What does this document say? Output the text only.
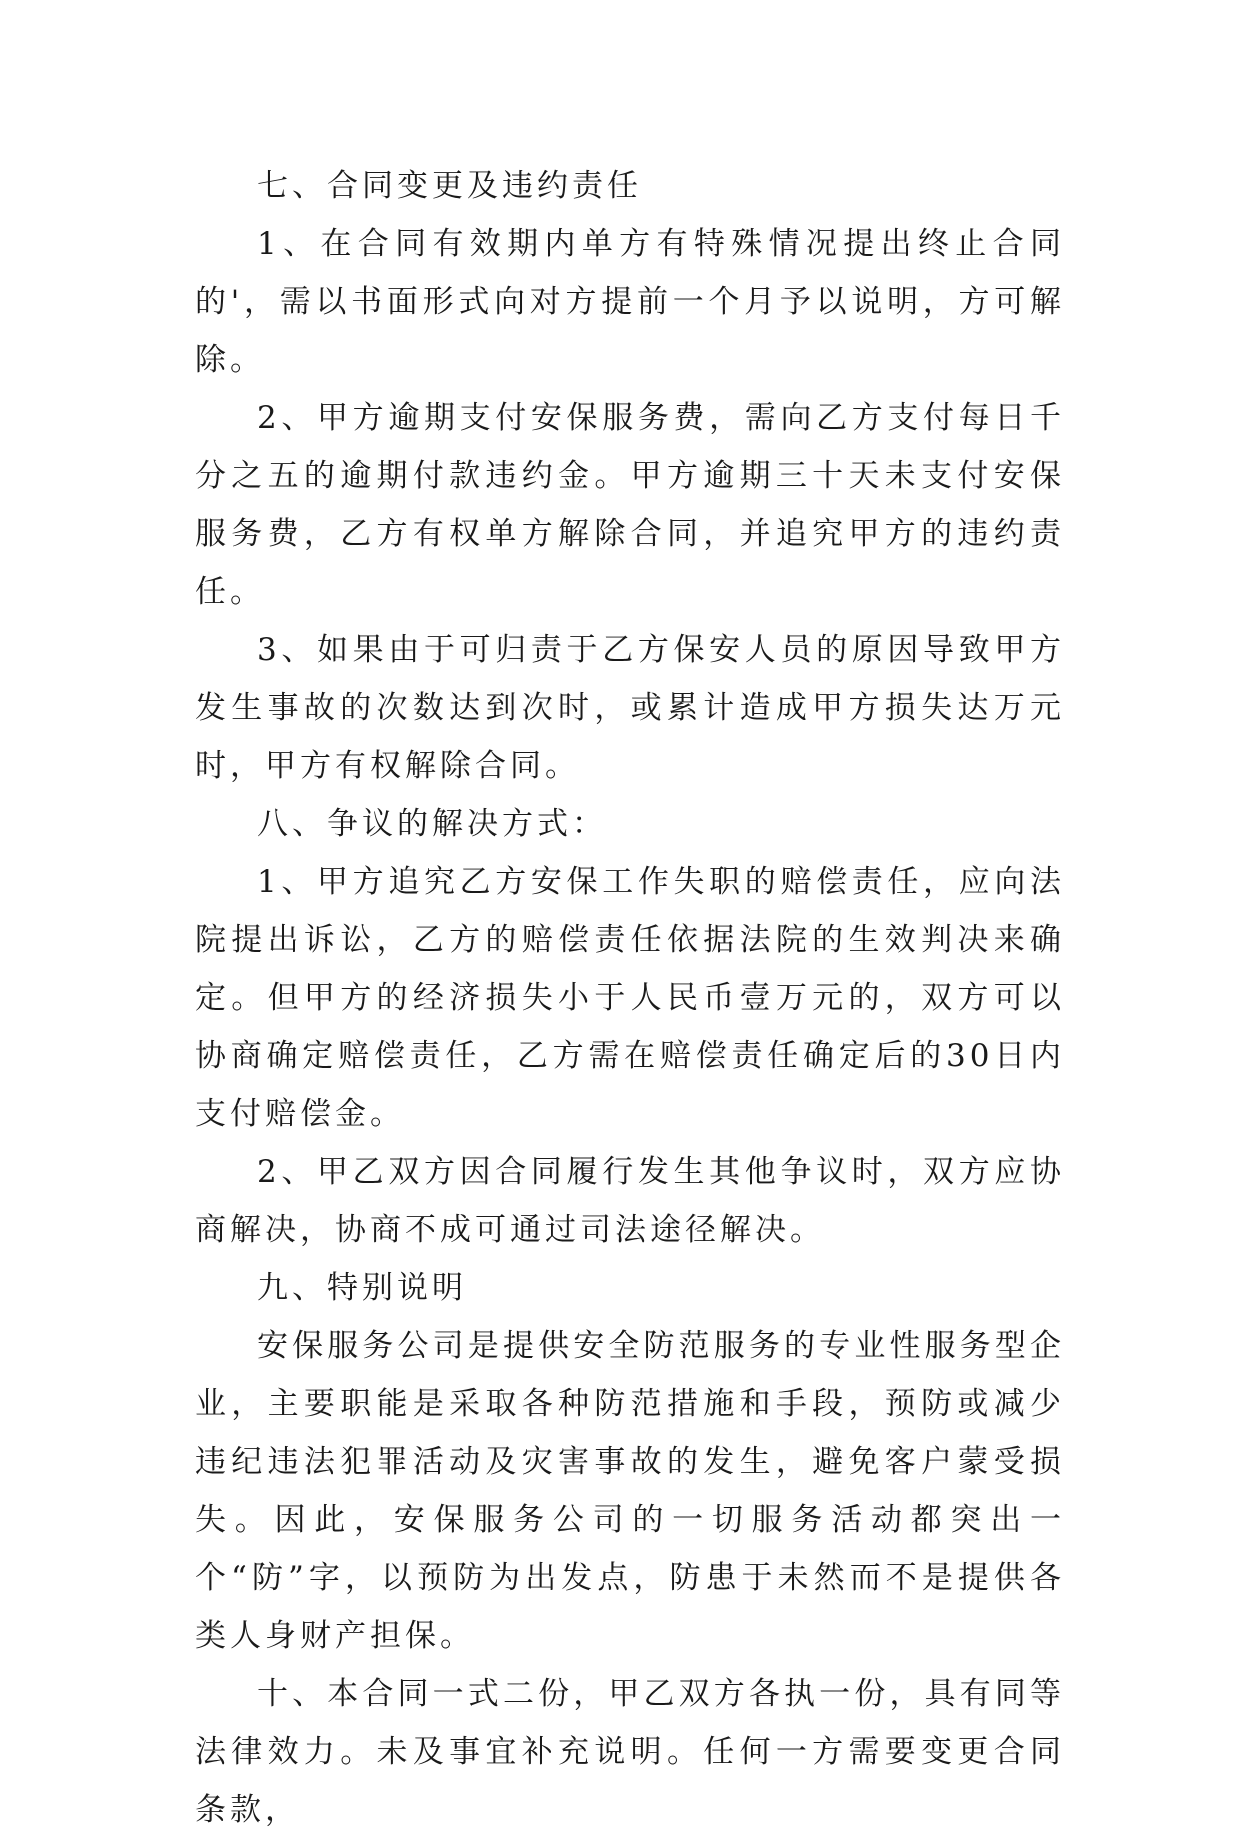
七、合同变更及违约责任

1、在合同有效期内单方有特殊情况提出终止合同的'，需以书面形式向对方提前一个月予以说明，方可解除。

2、甲方逾期支付安保服务费，需向乙方支付每日千分之五的逾期付款违约金。甲方逾期三十天未支付安保服务费，乙方有权单方解除合同，并追究甲方的违约责任。

3、如果由于可归责于乙方保安人员的原因导致甲方发生事故的次数达到次时，或累计造成甲方损失达万元时，甲方有权解除合同。

八、争议的解决方式：

1、甲方追究乙方安保工作失职的赔偿责任，应向法院提出诉讼，乙方的赔偿责任依据法院的生效判决来确定。但甲方的经济损失小于人民币壹万元的，双方可以协商确定赔偿责任，乙方需在赔偿责任确定后的30日内支付赔偿金。

2、甲乙双方因合同履行发生其他争议时，双方应协商解决，协商不成可通过司法途径解决。

九、特别说明

安保服务公司是提供安全防范服务的专业性服务型企业，主要职能是采取各种防范措施和手段，预防或减少违纪违法犯罪活动及灾害事故的发生，避免客户蒙受损失。因此，安保服务公司的一切服务活动都突出一个“防”字，以预防为出发点，防患于未然而不是提供各类人身财产担保。

十、本合同一式二份，甲乙双方各执一份，具有同等法律效力。未及事宜补充说明。任何一方需要变更合同条款，
